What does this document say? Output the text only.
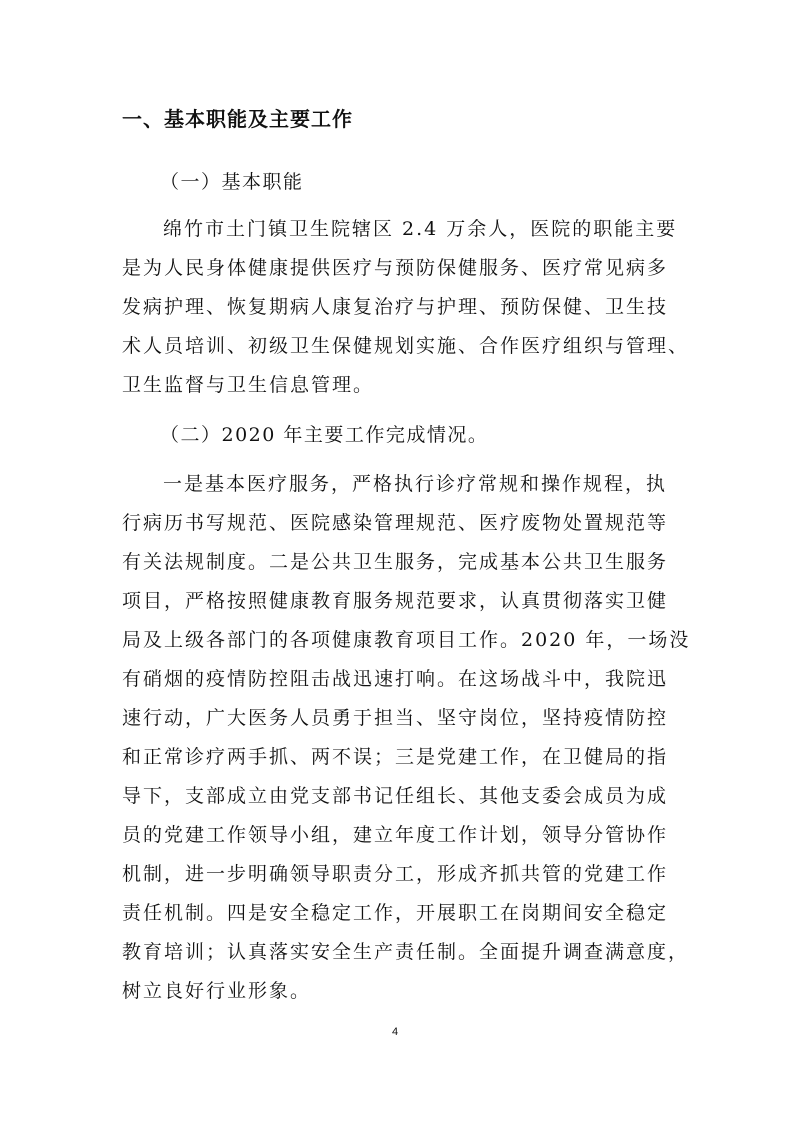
一、基本职能及主要工作
（一）基本职能
绵竹市土门镇卫生院辖区 2.4 万余人，医院的职能主要
是为人民身体健康提供医疗与预防保健服务、医疗常见病多
发病护理、恢复期病人康复治疗与护理、预防保健、卫生技
术人员培训、初级卫生保健规划实施、合作医疗组织与管理、
卫生监督与卫生信息管理。
（二）2020 年主要工作完成情况。
一是基本医疗服务，严格执行诊疗常规和操作规程，执
行病历书写规范、医院感染管理规范、医疗废物处置规范等
有关法规制度。二是公共卫生服务，完成基本公共卫生服务
项目，严格按照健康教育服务规范要求，认真贯彻落实卫健
局及上级各部门的各项健康教育项目工作。2020 年，一场没
有硝烟的疫情防控阻击战迅速打响。在这场战斗中，我院迅
速行动，广大医务人员勇于担当、坚守岗位，坚持疫情防控
和正常诊疗两手抓、两不误；三是党建工作，在卫健局的指
导下，支部成立由党支部书记任组长、其他支委会成员为成
员的党建工作领导小组，建立年度工作计划，领导分管协作
机制，进一步明确领导职责分工，形成齐抓共管的党建工作
责任机制。四是安全稳定工作，开展职工在岗期间安全稳定
教育培训；认真落实安全生产责任制。全面提升调查满意度，
树立良好行业形象。
4
